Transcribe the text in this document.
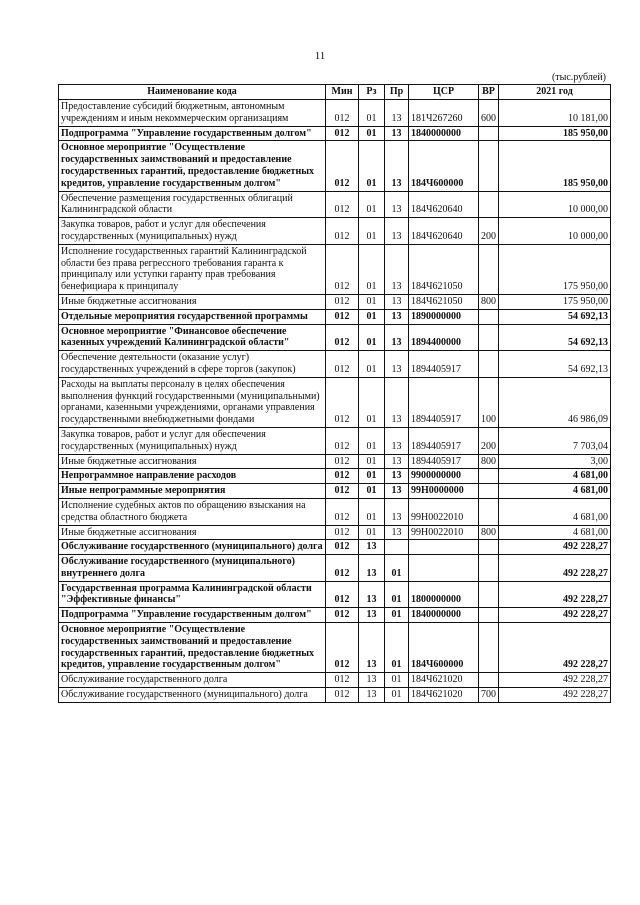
11
(тыс.рублей)
Наименование кода	Мин	Рз	Пр	ЦСР	ВР	2021 год
Предоставление субсидий бюджетным, автономным учреждениям и иным некоммерческим организациям	012	01	13	181Ч267260	600	10 181,00
Подпрограмма "Управление государственным долгом"	012	01	13	1840000000		185 950,00
Основное мероприятие "Осуществление государственных заимствований и предоставление государственных гарантий, предоставление бюджетных кредитов, управление государственным долгом"	012	01	13	184Ч600000		185 950,00
Обеспечение размещения государственных облигаций Калининградской области	012	01	13	184Ч620640		10 000,00
Закупка товаров, работ и услуг для обеспечения государственных (муниципальных) нужд	012	01	13	184Ч620640	200	10 000,00
Исполнение государственных гарантий Калининградской области без права регрессного требования гаранта к принципалу или уступки гаранту прав требования бенефициара к принципалу	012	01	13	184Ч621050		175 950,00
Иные бюджетные ассигнования	012	01	13	184Ч621050	800	175 950,00
Отдельные мероприятия государственной программы	012	01	13	1890000000		54 692,13
Основное мероприятие "Финансовое обеспечение казенных учреждений Калининградской области"	012	01	13	1894400000		54 692,13
Обеспечение деятельности (оказание услуг) государственных учреждений в сфере торгов (закупок)	012	01	13	1894405917		54 692,13
Расходы на выплаты персоналу в целях обеспечения выполнения функций государственными (муниципальными) органами, казенными учреждениями, органами управления государственными внебюджетными фондами	012	01	13	1894405917	100	46 986,09
Закупка товаров, работ и услуг для обеспечения государственных (муниципальных) нужд	012	01	13	1894405917	200	7 703,04
Иные бюджетные ассигнования	012	01	13	1894405917	800	3,00
Непрограммное направление расходов	012	01	13	9900000000		4 681,00
Иные непрограммные мероприятия	012	01	13	99Н0000000		4 681,00
Исполнение судебных актов по обращению взыскания на средства областного бюджета	012	01	13	99Н0022010		4 681,00
Иные бюджетные ассигнования	012	01	13	99Н0022010	800	4 681,00
Обслуживание государственного (муниципального) долга	012	13				492 228,27
Обслуживание государственного (муниципального) внутреннего долга	012	13	01			492 228,27
Государственная программа Калининградской области "Эффективные финансы"	012	13	01	1800000000		492 228,27
Подпрограмма "Управление государственным долгом"	012	13	01	1840000000		492 228,27
Основное мероприятие "Осуществление государственных заимствований и предоставление государственных гарантий, предоставление бюджетных кредитов, управление государственным долгом"	012	13	01	184Ч600000		492 228,27
Обслуживание государственного долга	012	13	01	184Ч621020		492 228,27
Обслуживание государственного (муниципального) долга	012	13	01	184Ч621020	700	492 228,27
